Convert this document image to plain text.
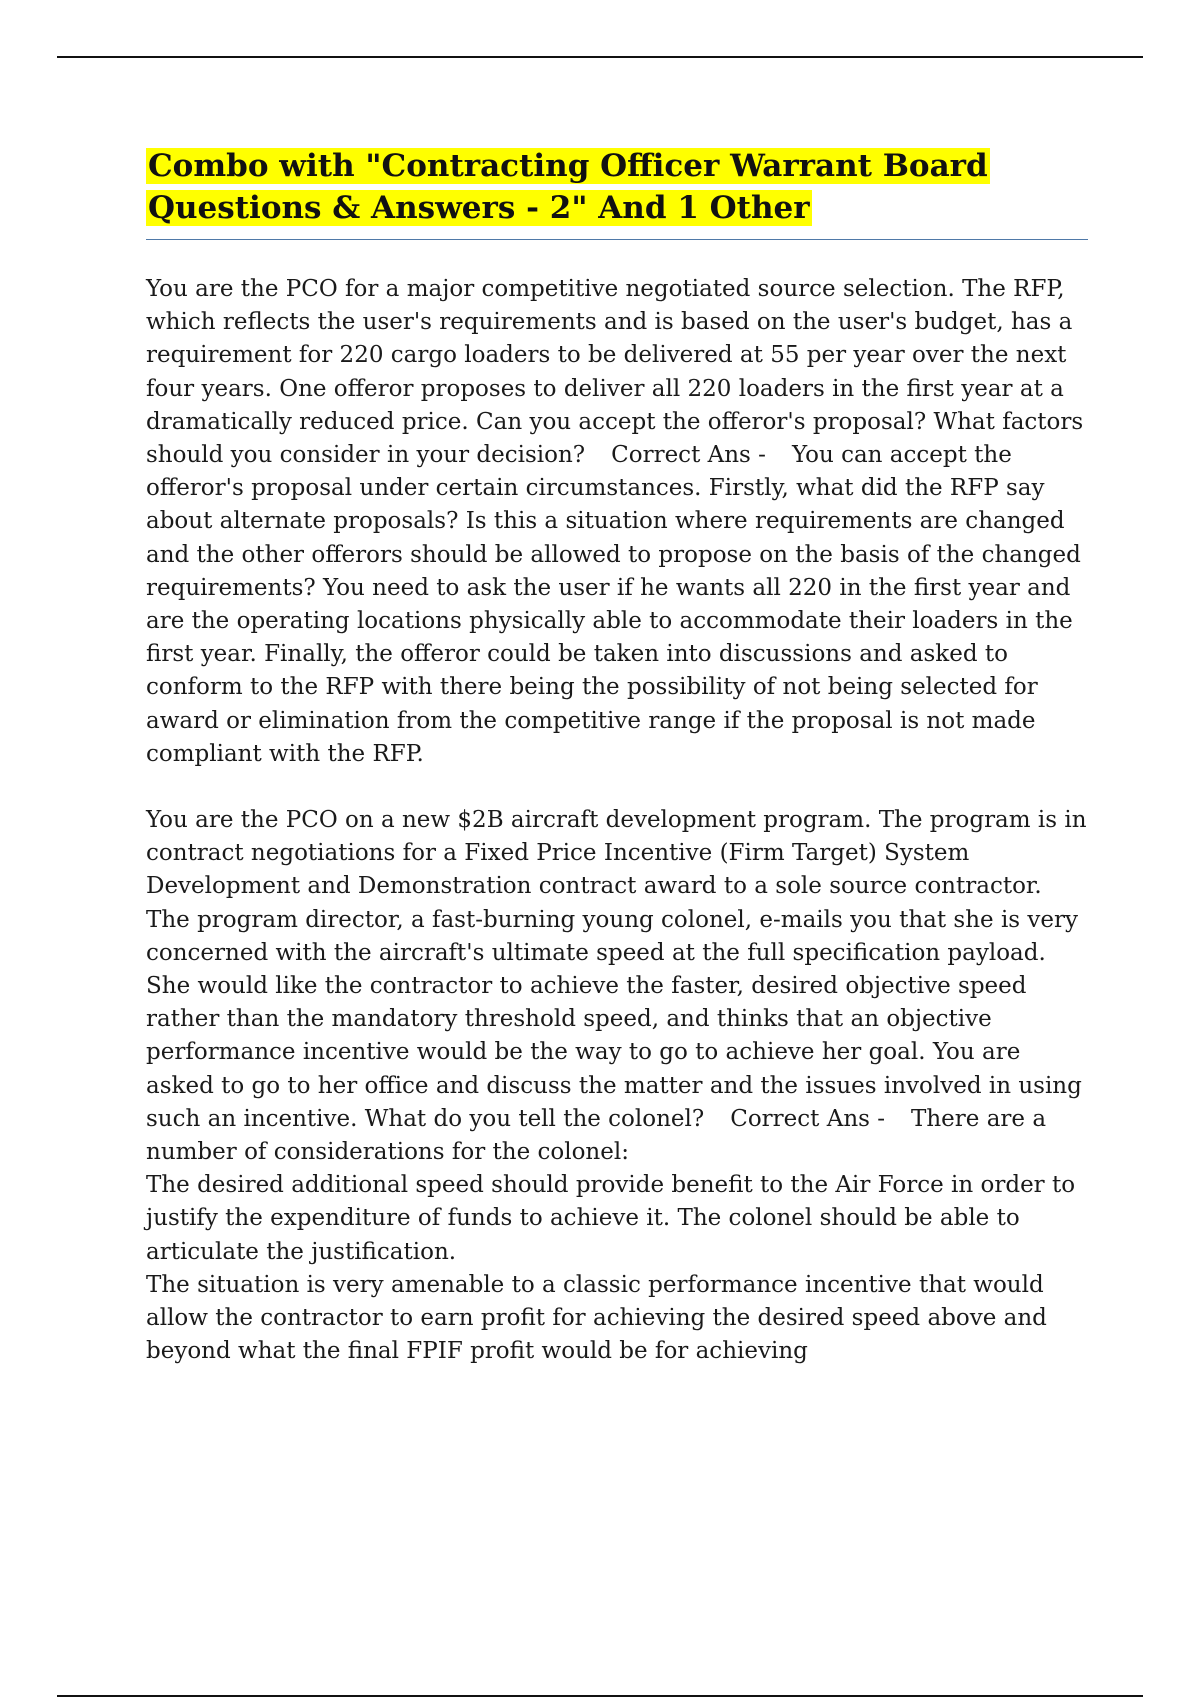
Combo with "Contracting Officer Warrant Board Questions & Answers - 2" And 1 Other

You are the PCO for a major competitive negotiated source selection. The RFP, which reflects the user's requirements and is based on the user's budget, has a requirement for 220 cargo loaders to be delivered at 55 per year over the next four years. One offeror proposes to deliver all 220 loaders in the first year at a dramatically reduced price. Can you accept the offeror's proposal? What factors should you consider in your decision? Correct Ans - You can accept the offeror's proposal under certain circumstances. Firstly, what did the RFP say about alternate proposals? Is this a situation where requirements are changed and the other offerors should be allowed to propose on the basis of the changed requirements? You need to ask the user if he wants all 220 in the first year and are the operating locations physically able to accommodate their loaders in the first year. Finally, the offeror could be taken into discussions and asked to conform to the RFP with there being the possibility of not being selected for award or elimination from the competitive range if the proposal is not made compliant with the RFP.

You are the PCO on a new $2B aircraft development program. The program is in contract negotiations for a Fixed Price Incentive (Firm Target) System Development and Demonstration contract award to a sole source contractor. The program director, a fast-burning young colonel, e-mails you that she is very concerned with the aircraft's ultimate speed at the full specification payload. She would like the contractor to achieve the faster, desired objective speed rather than the mandatory threshold speed, and thinks that an objective performance incentive would be the way to go to achieve her goal. You are asked to go to her office and discuss the matter and the issues involved in using such an incentive. What do you tell the colonel? Correct Ans - There are a number of considerations for the colonel:

The desired additional speed should provide benefit to the Air Force in order to justify the expenditure of funds to achieve it. The colonel should be able to articulate the justification.

The situation is very amenable to a classic performance incentive that would allow the contractor to earn profit for achieving the desired speed above and beyond what the final FPIF profit would be for achieving
